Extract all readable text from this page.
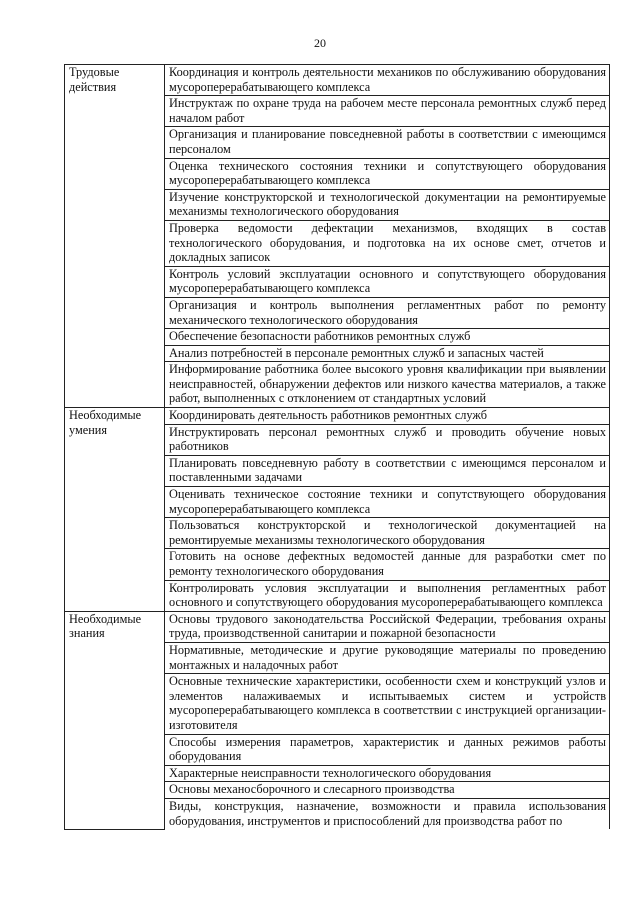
20
Трудовые действия	Координация и контроль деятельности механиков по обслуживанию оборудования мусороперерабатывающего комплекса
	Инструктаж по охране труда на рабочем месте персонала ремонтных служб перед началом работ
	Организация и планирование повседневной работы в соответствии с имеющимся персоналом
	Оценка технического состояния техники и сопутствующего оборудования мусороперерабатывающего комплекса
	Изучение конструкторской и технологической документации на ремонтируемые механизмы технологического оборудования
	Проверка ведомости дефектации механизмов, входящих в состав технологического оборудования, и подготовка на их основе смет, отчетов и докладных записок
	Контроль условий эксплуатации основного и сопутствующего оборудования мусороперерабатывающего комплекса
	Организация и контроль выполнения регламентных работ по ремонту механического технологического оборудования
	Обеспечение безопасности работников ремонтных служб
	Анализ потребностей в персонале ремонтных служб и запасных частей
	Информирование работника более высокого уровня квалификации при выявлении неисправностей, обнаружении дефектов или низкого качества материалов, а также работ, выполненных с отклонением от стандартных условий
Необходимые умения	Координировать деятельность работников ремонтных служб
	Инструктировать персонал ремонтных служб и проводить обучение новых работников
	Планировать повседневную работу в соответствии с имеющимся персоналом и поставленными задачами
	Оценивать техническое состояние техники и сопутствующего оборудования мусороперерабатывающего комплекса
	Пользоваться конструкторской и технологической документацией на ремонтируемые механизмы технологического оборудования
	Готовить на основе дефектных ведомостей данные для разработки смет по ремонту технологического оборудования
	Контролировать условия эксплуатации и выполнения регламентных работ основного и сопутствующего оборудования мусороперерабатывающего комплекса
Необходимые знания	Основы трудового законодательства Российской Федерации, требования охраны труда, производственной санитарии и пожарной безопасности
	Нормативные, методические и другие руководящие материалы по проведению монтажных и наладочных работ
	Основные технические характеристики, особенности схем и конструкций узлов и элементов налаживаемых и испытываемых систем и устройств мусороперерабатывающего комплекса в соответствии с инструкцией организации-изготовителя
	Способы измерения параметров, характеристик и данных режимов работы оборудования
	Характерные неисправности технологического оборудования
	Основы механосборочного и слесарного производства
	Виды, конструкция, назначение, возможности и правила использования оборудования, инструментов и приспособлений для производства работ по
